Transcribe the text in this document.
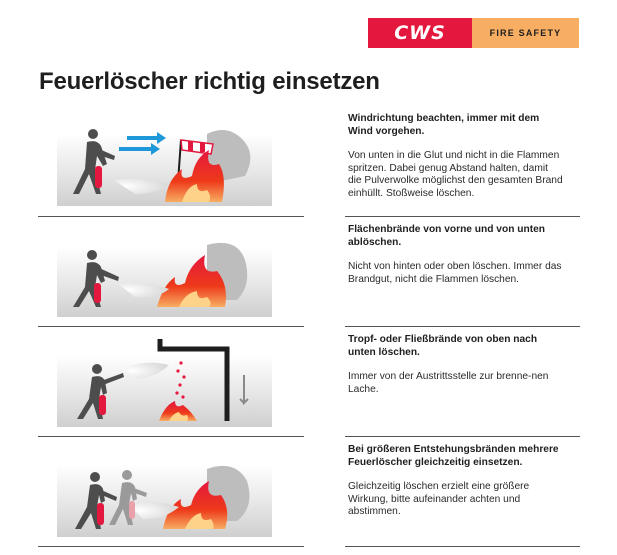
CWS	FIRE SAFETY
Feuerlöscher richtig einsetzen

Windrichtung beachten, immer mit dem Wind vorgehen.

Von unten in die Glut und nicht in die Flammen spritzen. Dabei genug Abstand halten, damit die Pulverwolke möglichst den gesamten Brand einhüllt. Stoßweise löschen.

Flächenbrände von vorne und von unten ablöschen.

Nicht von hinten oder oben löschen. Immer das Brandgut, nicht die Flammen löschen.

Tropf- oder Fließbrände von oben nach unten löschen.

Immer von der Austrittsstelle zur brenne-nen Lache.

Bei größeren Entstehungsbränden mehrere Feuerlöscher gleichzeitig einsetzen.

Gleichzeitig löschen erzielt eine größere Wirkung, bitte aufeinander achten und abstimmen.
